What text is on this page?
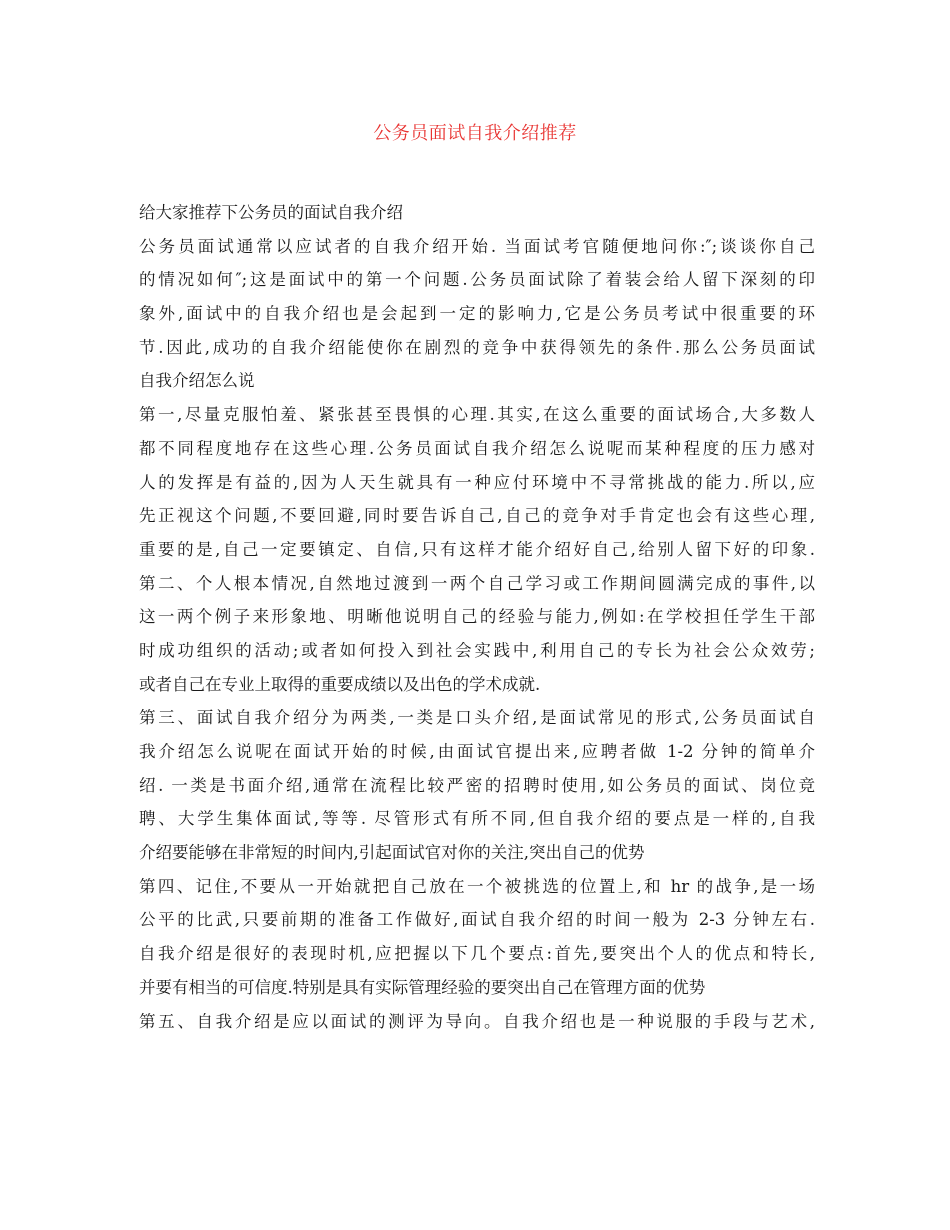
公务员面试自我介绍推荐
给大家推荐下公务员的面试自我介绍
公务员面试通常以应试者的自我介绍开始. 当面试考官随便地问你:″;谈谈你自己
的情况如何″;这是面试中的第一个问题.公务员面试除了着装会给人留下深刻的印
象外,面试中的自我介绍也是会起到一定的影响力,它是公务员考试中很重要的环
节.因此,成功的自我介绍能使你在剧烈的竞争中获得领先的条件.那么公务员面试
自我介绍怎么说
第一,尽量克服怕羞、紧张甚至畏惧的心理.其实,在这么重要的面试场合,大多数人
都不同程度地存在这些心理.公务员面试自我介绍怎么说呢而某种程度的压力感对
人的发挥是有益的,因为人天生就具有一种应付环境中不寻常挑战的能力.所以,应
先正视这个问题,不要回避,同时要告诉自己,自己的竞争对手肯定也会有这些心理,
重要的是,自己一定要镇定、自信,只有这样才能介绍好自己,给别人留下好的印象.
第二、个人根本情况,自然地过渡到一两个自己学习或工作期间圆满完成的事件,以
这一两个例子来形象地、明晰他说明自己的经验与能力,例如:在学校担任学生干部
时成功组织的活动;或者如何投入到社会实践中,利用自己的专长为社会公众效劳;
或者自己在专业上取得的重要成绩以及出色的学术成就.
第三、面试自我介绍分为两类,一类是口头介绍,是面试常见的形式,公务员面试自
我介绍怎么说呢在面试开始的时候,由面试官提出来,应聘者做 1-2 分钟的简单介
绍. 一类是书面介绍,通常在流程比较严密的招聘时使用,如公务员的面试、岗位竞
聘、大学生集体面试,等等. 尽管形式有所不同,但自我介绍的要点是一样的,自我
介绍要能够在非常短的时间内,引起面试官对你的关注,突出自己的优势
第四、记住,不要从一开始就把自己放在一个被挑选的位置上,和 hr 的战争,是一场
公平的比武,只要前期的准备工作做好,面试自我介绍的时间一般为 2-3 分钟左右.
自我介绍是很好的表现时机,应把握以下几个要点:首先,要突出个人的优点和特长,
并要有相当的可信度.特别是具有实际管理经验的要突出自己在管理方面的优势
第五、自我介绍是应以面试的测评为导向。自我介绍也是一种说服的手段与艺术,
